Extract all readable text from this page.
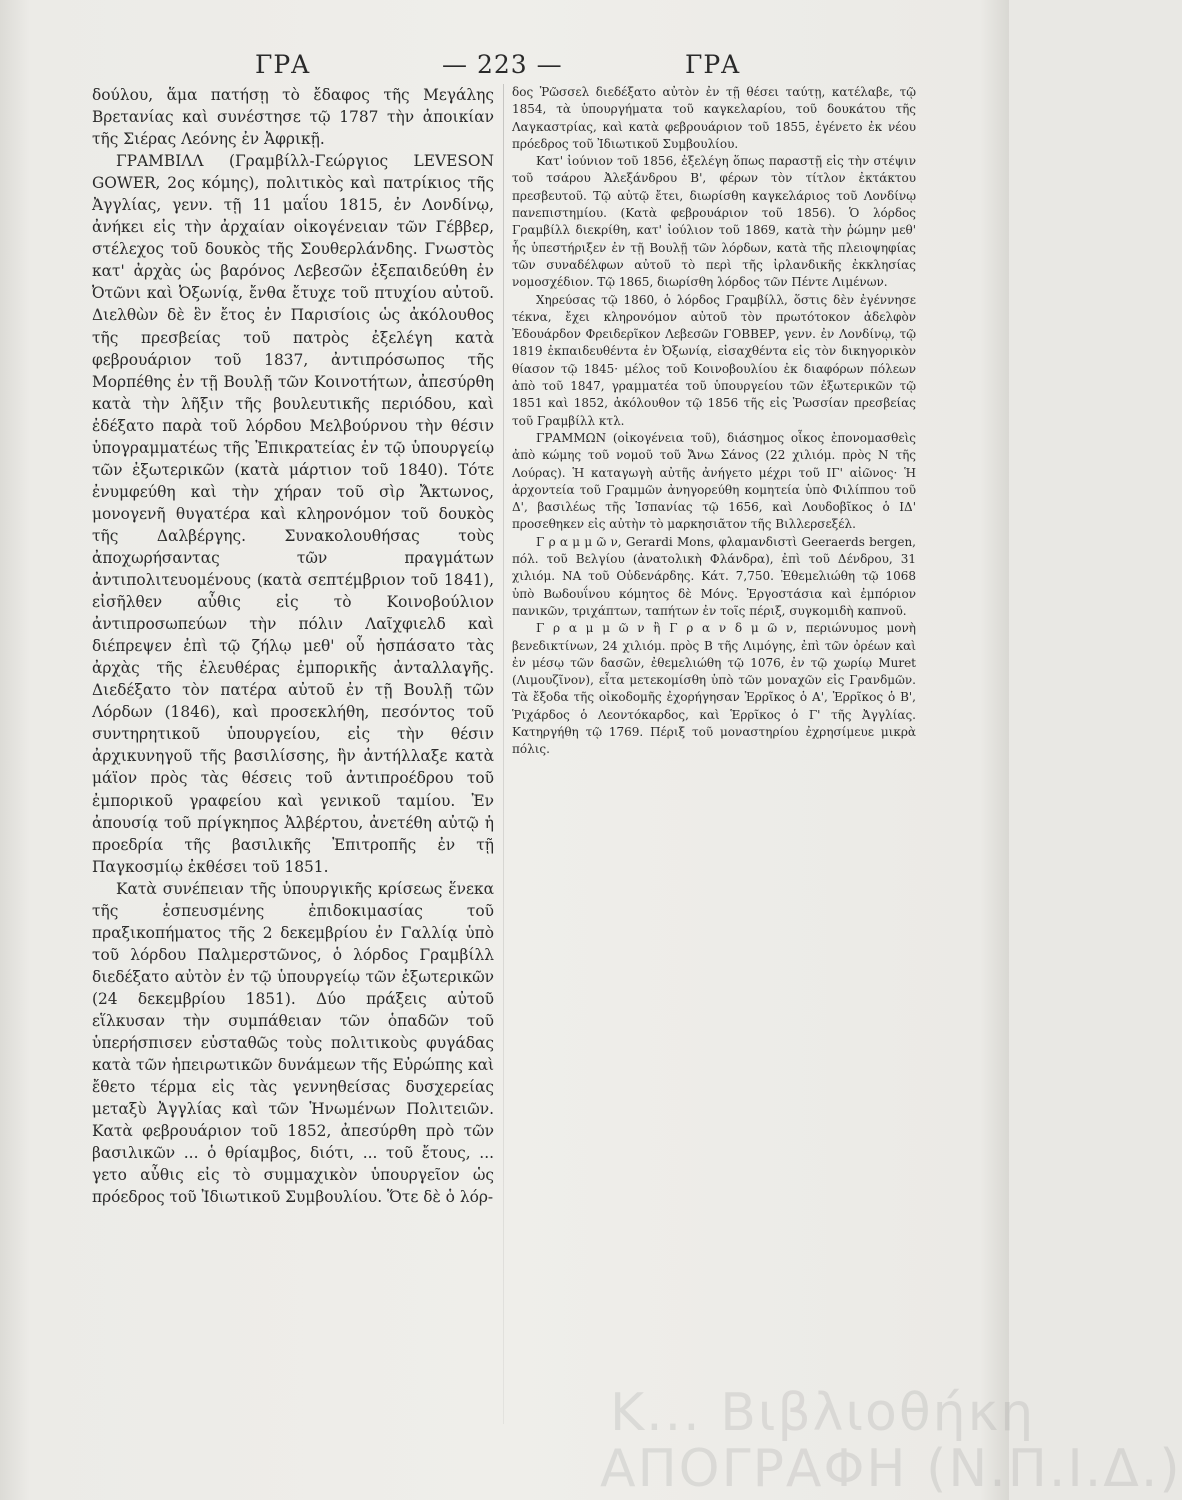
ΓΡΑ	— 223 —	ΓΡΑ

δούλου, ἅμα πατήσῃ τὸ ἔδαφος τῆς Μεγάλης Βρετανίας καὶ συνέστησε τῷ 1787 τὴν ἀποικίαν τῆς Σιέρας Λεόνης ἐν Ἀφρικῇ.

ΓΡΑΜΒΙΛΛ (Γραμβίλλ-Γεώργιος LEVESON GOWER, 2ος κόμης), πολιτικὸς καὶ πατρίκιος τῆς Ἀγγλίας, γενν. τῇ 11 μαΐου 1815, ἐν Λονδίνῳ, ἀνήκει εἰς τὴν ἀρχαίαν οἰκογένειαν τῶν Γέββερ, στέλεχος τοῦ δουκὸς τῆς Σουθερλάνδης. Γνωστὸς κατ' ἀρχὰς ὡς βαρόνος Λεβεσῶν ἐξεπαιδεύθη ἐν Ὀτῶνι καὶ Ὀξωνίᾳ, ἔνθα ἔτυχε τοῦ πτυχίου αὐτοῦ. Διελθὼν δὲ ἓν ἔτος ἐν Παρισίοις ὡς ἀκόλουθος τῆς πρεσβείας τοῦ πατρὸς ἐξελέγη κατὰ φεβρουάριον τοῦ 1837, ἀντιπρόσωπος τῆς Μορπέθης ἐν τῇ Βουλῇ τῶν Κοινοτήτων, ἀπεσύρθη κατὰ τὴν λῆξιν τῆς βουλευτικῆς περιόδου, καὶ ἐδέξατο παρὰ τοῦ λόρδου Μελβούρνου τὴν θέσιν ὑπογραμματέως τῆς Ἐπικρατείας ἐν τῷ ὑπουργείῳ τῶν ἐξωτερικῶν (κατὰ μάρτιον τοῦ 1840). Τότε ἐνυμφεύθη καὶ τὴν χήραν τοῦ σὶρ Ἄκτωνος, μονογενῆ θυγατέρα καὶ κληρονόμον τοῦ δουκὸς τῆς Δαλβέργης. Συνακολουθήσας τοὺς ἀποχωρήσαντας τῶν πραγμάτων ἀντιπολιτευομένους (κατὰ σεπτέμβριον τοῦ 1841), εἰσῆλθεν αὖθις εἰς τὸ Κοινοβούλιον ἀντιπροσωπεύων τὴν πόλιν Λαῖχφιελδ καὶ διέπρεψεν ἐπὶ τῷ ζήλῳ μεθ' οὗ ἠσπάσατο τὰς ἀρχὰς τῆς ἐλευθέρας ἐμπορικῆς ἀνταλλαγῆς. Διεδέξατο τὸν πατέρα αὐτοῦ ἐν τῇ Βουλῇ τῶν Λόρδων (1846), καὶ προσεκλήθη, πεσόντος τοῦ συντηρητικοῦ ὑπουργείου, εἰς τὴν θέσιν ἀρχικυνηγοῦ τῆς βασιλίσσης, ἣν ἀντήλλαξε κατὰ μάϊον πρὸς τὰς θέσεις τοῦ ἀντιπροέδρου τοῦ ἐμπορικοῦ γραφείου καὶ γενικοῦ ταμίου. Ἐν ἀπουσίᾳ τοῦ πρίγκηπος Ἀλβέρτου, ἀνετέθη αὐτῷ ἡ προεδρία τῆς βασιλικῆς Ἐπιτροπῆς ἐν τῇ Παγκοσμίῳ ἐκθέσει τοῦ 1851.

Κατὰ συνέπειαν τῆς ὑπουργικῆς κρίσεως ἕνεκα τῆς ἐσπευσμένης ἐπιδοκιμασίας τοῦ πραξικοπήματος τῆς 2 δεκεμβρίου ἐν Γαλλίᾳ ὑπὸ τοῦ λόρδου Παλμερστῶνος, ὁ λόρδος Γραμβίλλ διεδέξατο αὐτὸν ἐν τῷ ὑπουργείῳ τῶν ἐξωτερικῶν (24 δεκεμβρίου 1851). Δύο πράξεις αὐτοῦ εἵλκυσαν τὴν συμπάθειαν τῶν ὁπαδῶν τοῦ ὑπερήσπισεν εὐσταθῶς τοὺς πολιτικοὺς φυγάδας κατὰ τῶν ἠπειρωτικῶν δυνάμεων τῆς Εὐρώπης καὶ ἔθετο τέρμα εἰς τὰς γεννηθείσας δυσχερείας μεταξὺ Ἀγγλίας καὶ τῶν Ἡνωμένων Πολιτειῶν. Κατὰ φεβρουάριον τοῦ 1852, ἀπεσύρθη πρὸ τῶν βασιλικῶν ... ὁ θρίαμβος, διότι, ... τοῦ ἔτους, ... γετο αὖθις εἰς τὸ συμμαχικὸν ὑπουργεῖον ὡς πρόεδρος τοῦ Ἰδιωτικοῦ Συμβουλίου. Ὅτε δὲ ὁ λόρ-

δος Ῥῶσσελ διεδέξατο αὐτὸν ἐν τῇ θέσει ταύτῃ, κατέλαβε, τῷ 1854, τὰ ὑπουργήματα τοῦ καγκελαρίου, τοῦ δουκάτου τῆς Λαγκαστρίας, καὶ κατὰ φεβρουάριον τοῦ 1855, ἐγένετο ἐκ νέου πρόεδρος τοῦ Ἰδιωτικοῦ Συμβουλίου.

Κατ' ἰούνιον τοῦ 1856, ἐξελέγη ὅπως παραστῇ εἰς τὴν στέψιν τοῦ τσάρου Ἀλεξάνδρου Β', φέρων τὸν τίτλον ἐκτάκτου πρεσβευτοῦ. Τῷ αὐτῷ ἔτει, διωρίσθη καγκελάριος τοῦ Λονδίνῳ πανεπιστημίου. (Κατὰ φεβρουάριον τοῦ 1856). Ὁ λόρδος Γραμβίλλ διεκρίθη, κατ' ἰούλιον τοῦ 1869, κατὰ τὴν ῥώμην μεθ' ἧς ὑπεστήριξεν ἐν τῇ Βουλῇ τῶν λόρδων, κατὰ τῆς πλειοψηφίας τῶν συναδέλφων αὐτοῦ τὸ περὶ τῆς ἰρλανδικῆς ἐκκλησίας νομοσχέδιον. Τῷ 1865, διωρίσθη λόρδος τῶν Πέντε Λιμένων.

Χηρεύσας τῷ 1860, ὁ λόρδος Γραμβίλλ, ὅστις δὲν ἐγέννησε τέκνα, ἔχει κληρονόμον αὐτοῦ τὸν πρωτότοκον ἀδελφὸν Ἐδουάρδον Φρειδερῖκον Λεβεσῶν ΓΟΒΒΕΡ, γενν. ἐν Λονδίνῳ, τῷ 1819 ἐκπαιδευθέντα ἐν Ὀξωνίᾳ, εἰσαχθέντα εἰς τὸν δικηγορικὸν θίασον τῷ 1845· μέλος τοῦ Κοινοβουλίου ἐκ διαφόρων πόλεων ἀπὸ τοῦ 1847, γραμματέα τοῦ ὑπουργείου τῶν ἐξωτερικῶν τῷ 1851 καὶ 1852, ἀκόλουθον τῷ 1856 τῆς εἰς Ῥωσσίαν πρεσβείας τοῦ Γραμβίλλ κτλ.

ΓΡΑΜΜΩΝ (οἰκογένεια τοῦ), διάσημος οἶκος ἐπονομασθεὶς ἀπὸ κώμης τοῦ νομοῦ τοῦ Ἄνω Σάνος (22 χιλιόμ. πρὸς Ν τῆς Λούρας). Ἡ καταγωγὴ αὐτῆς ἀνήγετο μέχρι τοῦ ΙΓ' αἰῶνος· Ἡ ἀρχοντεία τοῦ Γραμμῶν ἀνηγορεύθη κομητεία ὑπὸ Φιλίππου τοῦ Δ', βασιλέως τῆς Ἱσπανίας τῷ 1656, καὶ Λουδοβῖκος ὁ ΙΔ' προσεθηκεν εἰς αὐτὴν τὸ μαρκησιᾶτον τῆς Βιλλερσεξέλ.

Γ ρ α μ μ ῶ ν, Gerardi Mons, φλαμανδιστὶ Geeraerds bergen, πόλ. τοῦ Βελγίου (ἀνατολικὴ Φλάνδρα), ἐπὶ τοῦ Δένδρου, 31 χιλιόμ. ΝΑ τοῦ Οὐδενάρδης. Κάτ. 7,750. Ἐθεμελιώθη τῷ 1068 ὑπὸ Βωδουΐνου κόμητος δὲ Μόνς. Ἐργοστάσια καὶ ἐμπόριον πανικῶν, τριχάπτων, ταπήτων ἐν τοῖς πέριξ, συγκομιδὴ καπνοῦ.

Γ ρ α μ μ ῶ ν ἢ Γ ρ α ν δ μ ῶ ν, περιώνυμος μονὴ βενεδικτίνων, 24 χιλιόμ. πρὸς Β τῆς Λιμόγης, ἐπὶ τῶν ὀρέων καὶ ἐν μέσῳ τῶν δασῶν, ἐθεμελιώθη τῷ 1076, ἐν τῷ χωρίῳ Muret (Λιμουζῖνον), εἶτα μετεκομίσθη ὑπὸ τῶν μοναχῶν εἰς Γρανδμῶν. Τὰ ἔξοδα τῆς οἰκοδομῆς ἐχορήγησαν Ἑρρῖκος ὁ Α', Ἑρρῖκος ὁ Β', Ῥιχάρδος ὁ Λεοντόκαρδος, καὶ Ἑρρῖκος ὁ Γ' τῆς Ἀγγλίας. Κατηργήθη τῷ 1769. Πέριξ τοῦ μοναστηρίου ἐχρησίμευε μικρὰ πόλις.

Κ... Βιβλιοθήκη
ΑΠΟΓΡΑΦΗ (Ν.Π.Ι.Δ.)
